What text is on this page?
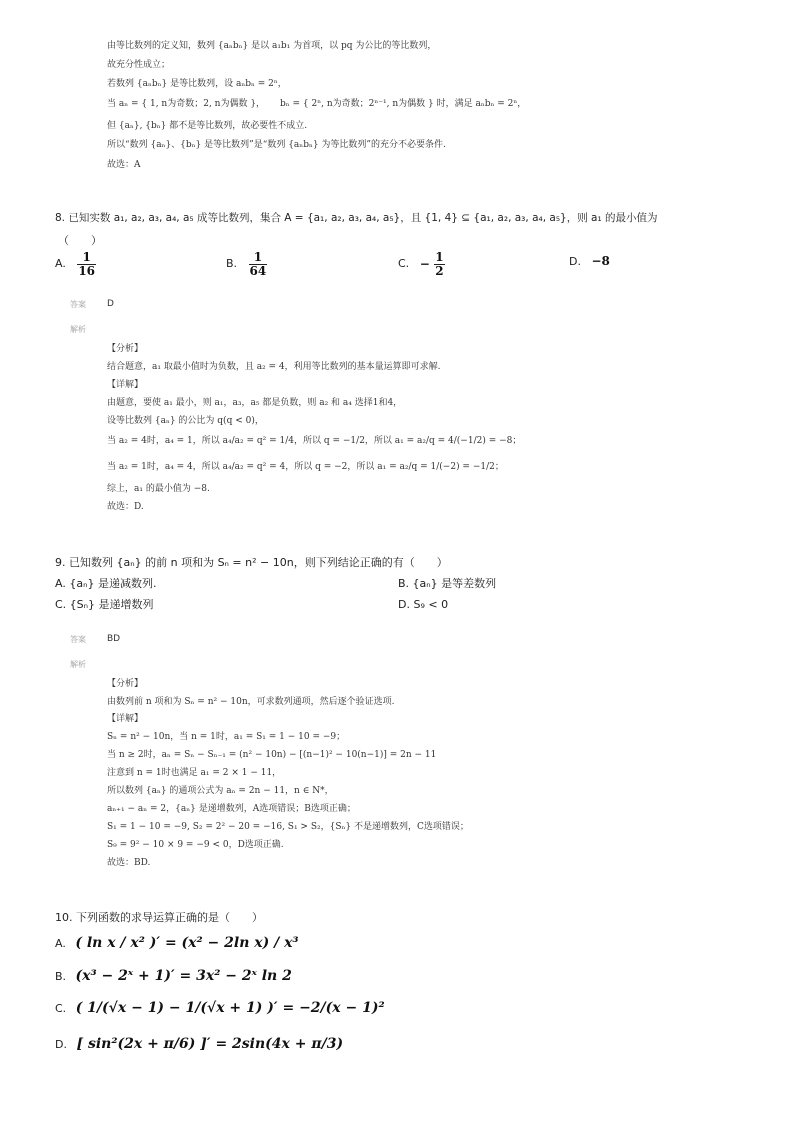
由等比数列的定义知，数列 {aₙbₙ} 是以 a₁b₁ 为首项，以 pq 为公比的等比数列，
故充分性成立；
若数列 {aₙbₙ} 是等比数列，设 aₙbₙ = 2ⁿ，
当 aₙ = { 1, n为奇数；2, n为偶数 }， bₙ = { 2ⁿ, n为奇数；2ⁿ⁻¹, n为偶数 } 时，满足 aₙbₙ = 2ⁿ，
但 {aₙ}, {bₙ} 都不是等比数列，故必要性不成立.
所以“数列 {aₙ}、{bₙ} 是等比数列”是“数列 {aₙbₙ} 为等比数列”的充分不必要条件.
故选：A
8. 已知实数 a₁, a₂, a₃, a₄, a₅ 成等比数列，集合 A = {a₁, a₂, a₃, a₄, a₅}，且 {1, 4} ⊆ {a₁, a₂, a₃, a₄, a₅}，则 a₁ 的最小值为
（　　）
A. $\frac{1}{16}$	B. $\frac{1}{64}$	C. − $\frac{1}{2}$	D. −8
答案 D
解析
【分析】
结合题意，a₁ 取最小值时为负数，且 a₂ = 4，利用等比数列的基本量运算即可求解.
【详解】
由题意，要使 a₁ 最小，则 a₁，a₃，a₅ 都是负数，则 a₂ 和 a₄ 选择1和4，
设等比数列 {aₙ} 的公比为 q(q < 0)，
当 a₂ = 4时，a₄ = 1，所以 a₄/a₂ = q² = 1/4，所以 q = −1/2，所以 a₁ = a₂/q = 4/(−1/2) = −8；
当 a₂ = 1时，a₄ = 4，所以 a₄/a₂ = q² = 4，所以 q = −2，所以 a₁ = a₂/q = 1/(−2) = −1/2；
综上，a₁ 的最小值为 −8.
故选：D.
9. 已知数列 {aₙ} 的前 n 项和为 Sₙ = n² − 10n，则下列结论正确的有（　　）
A. {aₙ} 是递减数列.	B. {aₙ} 是等差数列
C. {Sₙ} 是递增数列	D. S₉ < 0
答案 BD
解析
【分析】
由数列前 n 项和为 Sₙ = n² − 10n，可求数列通项，然后逐个验证选项.
【详解】
Sₙ = n² − 10n，当 n = 1时，a₁ = S₁ = 1 − 10 = −9；
当 n ≥ 2时，aₙ = Sₙ − Sₙ₋₁ = (n² − 10n) − [(n−1)² − 10(n−1)] = 2n − 11
注意到 n = 1时也满足 a₁ = 2 × 1 − 11，
所以数列 {aₙ} 的通项公式为 aₙ = 2n − 11，n ∈ N*，
aₙ₊₁ − aₙ = 2，{aₙ} 是递增数列，A选项错误；B选项正确；
S₁ = 1 − 10 = −9, S₂ = 2² − 20 = −16, S₁ > S₂，{Sₙ} 不是递增数列，C选项错误；
S₉ = 9² − 10 × 9 = −9 < 0，D选项正确.
故选：BD.
10. 下列函数的求导运算正确的是（　　）
A. ( ln x / x² )′ = (x² − 2ln x) / x³
B. (x³ − 2ˣ + 1)′ = 3x² − 2ˣ ln 2
C. ( 1/(√x − 1) − 1/(√x + 1) )′ = −2/(x − 1)²
D. [ sin²(2x + π/6) ]′ = 2sin(4x + π/3)
